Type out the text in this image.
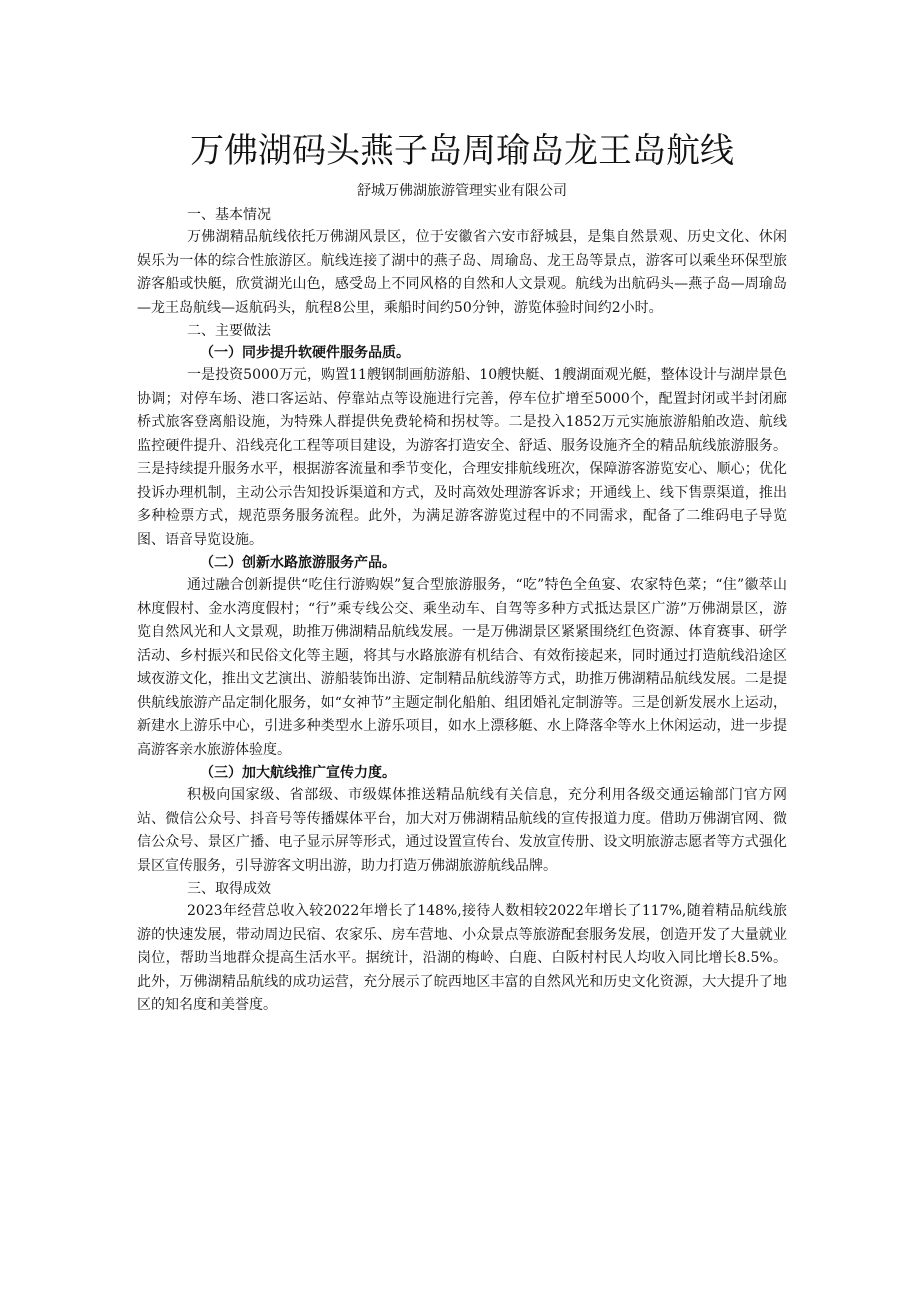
万佛湖码头燕子岛周瑜岛龙王岛航线
舒城万佛湖旅游管理实业有限公司
一、基本情况

万佛湖精品航线依托万佛湖风景区，位于安徽省六安市舒城县，是集自然景观、历史文化、休闲娱乐为一体的综合性旅游区。航线连接了湖中的燕子岛、周瑜岛、龙王岛等景点，游客可以乘坐环保型旅游客船或快艇，欣赏湖光山色，感受岛上不同风格的自然和人文景观。航线为出航码头—燕子岛—周瑜岛—龙王岛航线—返航码头，航程8公里，乘船时间约50分钟，游览体验时间约2小时。

二、主要做法
（一）同步提升软硬件服务品质。

一是投资5000万元，购置11艘钢制画舫游船、10艘快艇、1艘湖面观光艇，整体设计与湖岸景色协调；对停车场、港口客运站、停靠站点等设施进行完善，停车位扩增至5000个，配置封闭或半封闭廊桥式旅客登离船设施，为特殊人群提供免费轮椅和拐杖等。二是投入1852万元实施旅游船舶改造、航线监控硬件提升、沿线亮化工程等项目建设，为游客打造安全、舒适、服务设施齐全的精品航线旅游服务。三是持续提升服务水平，根据游客流量和季节变化，合理安排航线班次，保障游客游览安心、顺心；优化投诉办理机制，主动公示告知投诉渠道和方式，及时高效处理游客诉求；开通线上、线下售票渠道，推出多种检票方式，规范票务服务流程。此外，为满足游客游览过程中的不同需求，配备了二维码电子导览图、语音导览设施。

（二）创新水路旅游服务产品。

通过融合创新提供“吃住行游购娱”复合型旅游服务，“吃”特色全鱼宴、农家特色菜；“住”徽萃山林度假村、金水湾度假村；“行”乘专线公交、乘坐动车、自驾等多种方式抵达景区广游”万佛湖景区，游览自然风光和人文景观，助推万佛湖精品航线发展。一是万佛湖景区紧紧围绕红色资源、体育赛事、研学活动、乡村振兴和民俗文化等主题，将其与水路旅游有机结合、有效衔接起来，同时通过打造航线沿途区域夜游文化，推出文艺演出、游船装饰出游、定制精品航线游等方式，助推万佛湖精品航线发展。二是提供航线旅游产品定制化服务，如“女神节”主题定制化船舶、组团婚礼定制游等。三是创新发展水上运动，新建水上游乐中心，引进多种类型水上游乐项目，如水上漂移艇、水上降落伞等水上休闲运动，进一步提高游客亲水旅游体验度。

（三）加大航线推广宣传力度。

积极向国家级、省部级、市级媒体推送精品航线有关信息，充分利用各级交通运输部门官方网站、微信公众号、抖音号等传播媒体平台，加大对万佛湖精品航线的宣传报道力度。借助万佛湖官网、微信公众号、景区广播、电子显示屏等形式，通过设置宣传台、发放宣传册、设文明旅游志愿者等方式强化景区宣传服务，引导游客文明出游，助力打造万佛湖旅游航线品牌。

三、取得成效

2023年经营总收入较2022年增长了148%,接待人数相较2022年增长了117%,随着精品航线旅游的快速发展，带动周边民宿、农家乐、房车营地、小众景点等旅游配套服务发展，创造开发了大量就业岗位，帮助当地群众提高生活水平。据统计，沿湖的梅岭、白鹿、白阪村村民人均收入同比增长8.5%。此外，万佛湖精品航线的成功运营，充分展示了皖西地区丰富的自然风光和历史文化资源，大大提升了地区的知名度和美誉度。
